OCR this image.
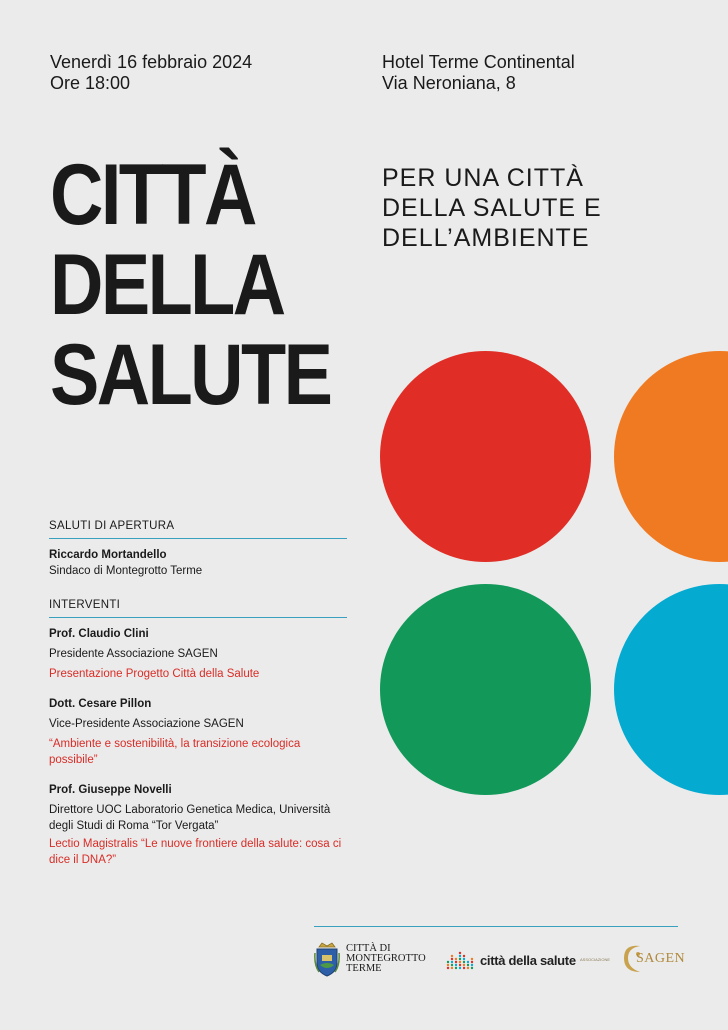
Venerdì 16 febbraio 2024
Ore 18:00
Hotel Terme Continental
Via Neroniana, 8
CITTÀ
DELLA
SALUTE
PER UNA CITTÀ
DELLA SALUTE E
DELL’AMBIENTE
SALUTI DI APERTURA
Riccardo Mortandello
Sindaco di Montegrotto Terme
INTERVENTI
Prof. Claudio Clini
Presidente Associazione SAGEN
Presentazione Progetto Città della Salute
Dott. Cesare Pillon
Vice-Presidente Associazione SAGEN
“Ambiente e sostenibilità, la transizione ecologica possibile”
Prof. Giuseppe Novelli
Direttore UOC Laboratorio Genetica Medica, Università degli Studi di Roma “Tor Vergata”
Lectio Magistralis “Le nuove frontiere della salute: cosa ci dice il DNA?”
CITTÀ DI
MONTEGROTTO
TERME
città della salute ASSOCIAZIONE SAGEN
